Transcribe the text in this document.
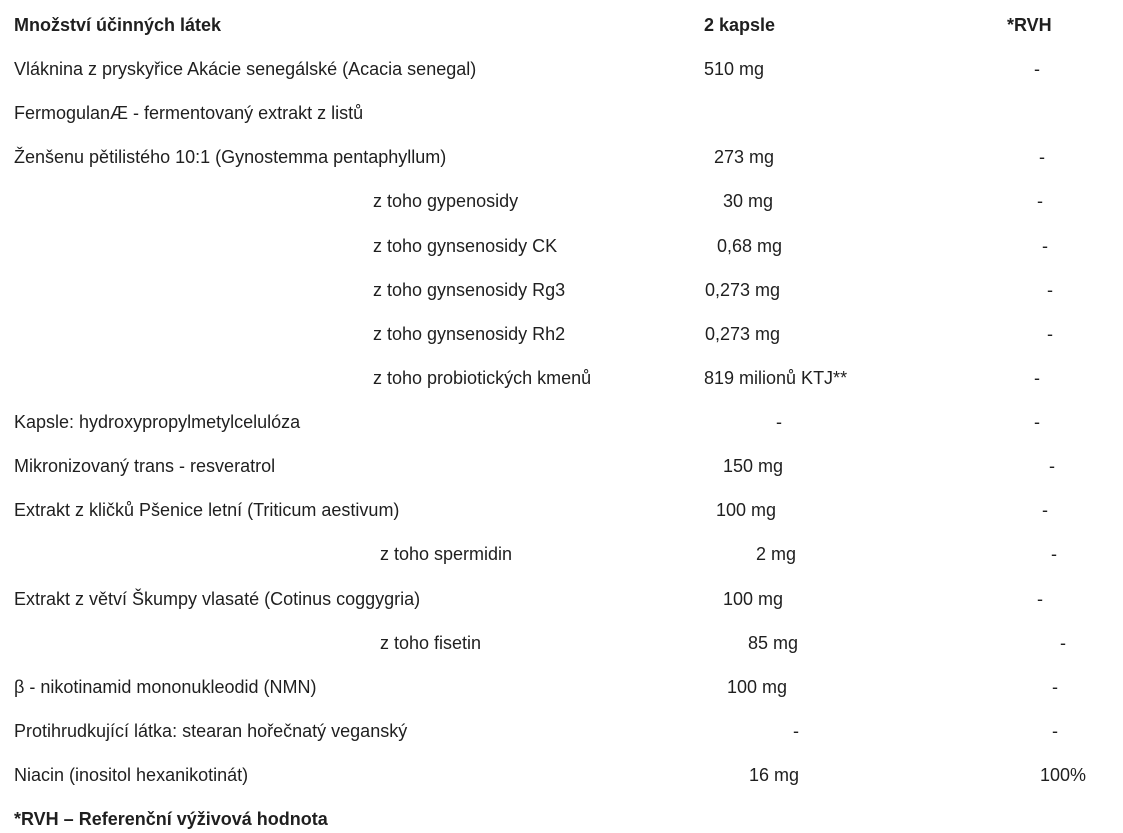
Množství účinných látek	2 kapsle	*RVH
Vláknina z pryskyřice Akácie senegálské (Acacia senegal)	510 mg	-
FermogulanÆ - fermentovaný extrakt z listů
Ženšenu pětilistého 10:1 (Gynostemma pentaphyllum)	273 mg	-
z toho gypenosidy	30 mg	-
z toho gynsenosidy CK	0,68 mg	-
z toho gynsenosidy Rg3	0,273 mg	-
z toho gynsenosidy Rh2	0,273 mg	-
z toho probiotických kmenů	819 milionů KTJ**	-
Kapsle: hydroxypropylmetylcelulóza	-	-
Mikronizovaný trans - resveratrol	150 mg	-
Extrakt z kličků Pšenice letní (Triticum aestivum)	100 mg	-
z toho spermidin	2 mg	-
Extrakt z větví Škumpy vlasaté (Cotinus coggygria)	100 mg	-
z toho fisetin	85 mg	-
β - nikotinamid mononukleodid (NMN)	100 mg	-
Protihrudkující látka: stearan hořečnatý veganský	-	-
Niacin (inositol hexanikotinát)	16 mg	100%
*RVH – Referenční výživová hodnota
